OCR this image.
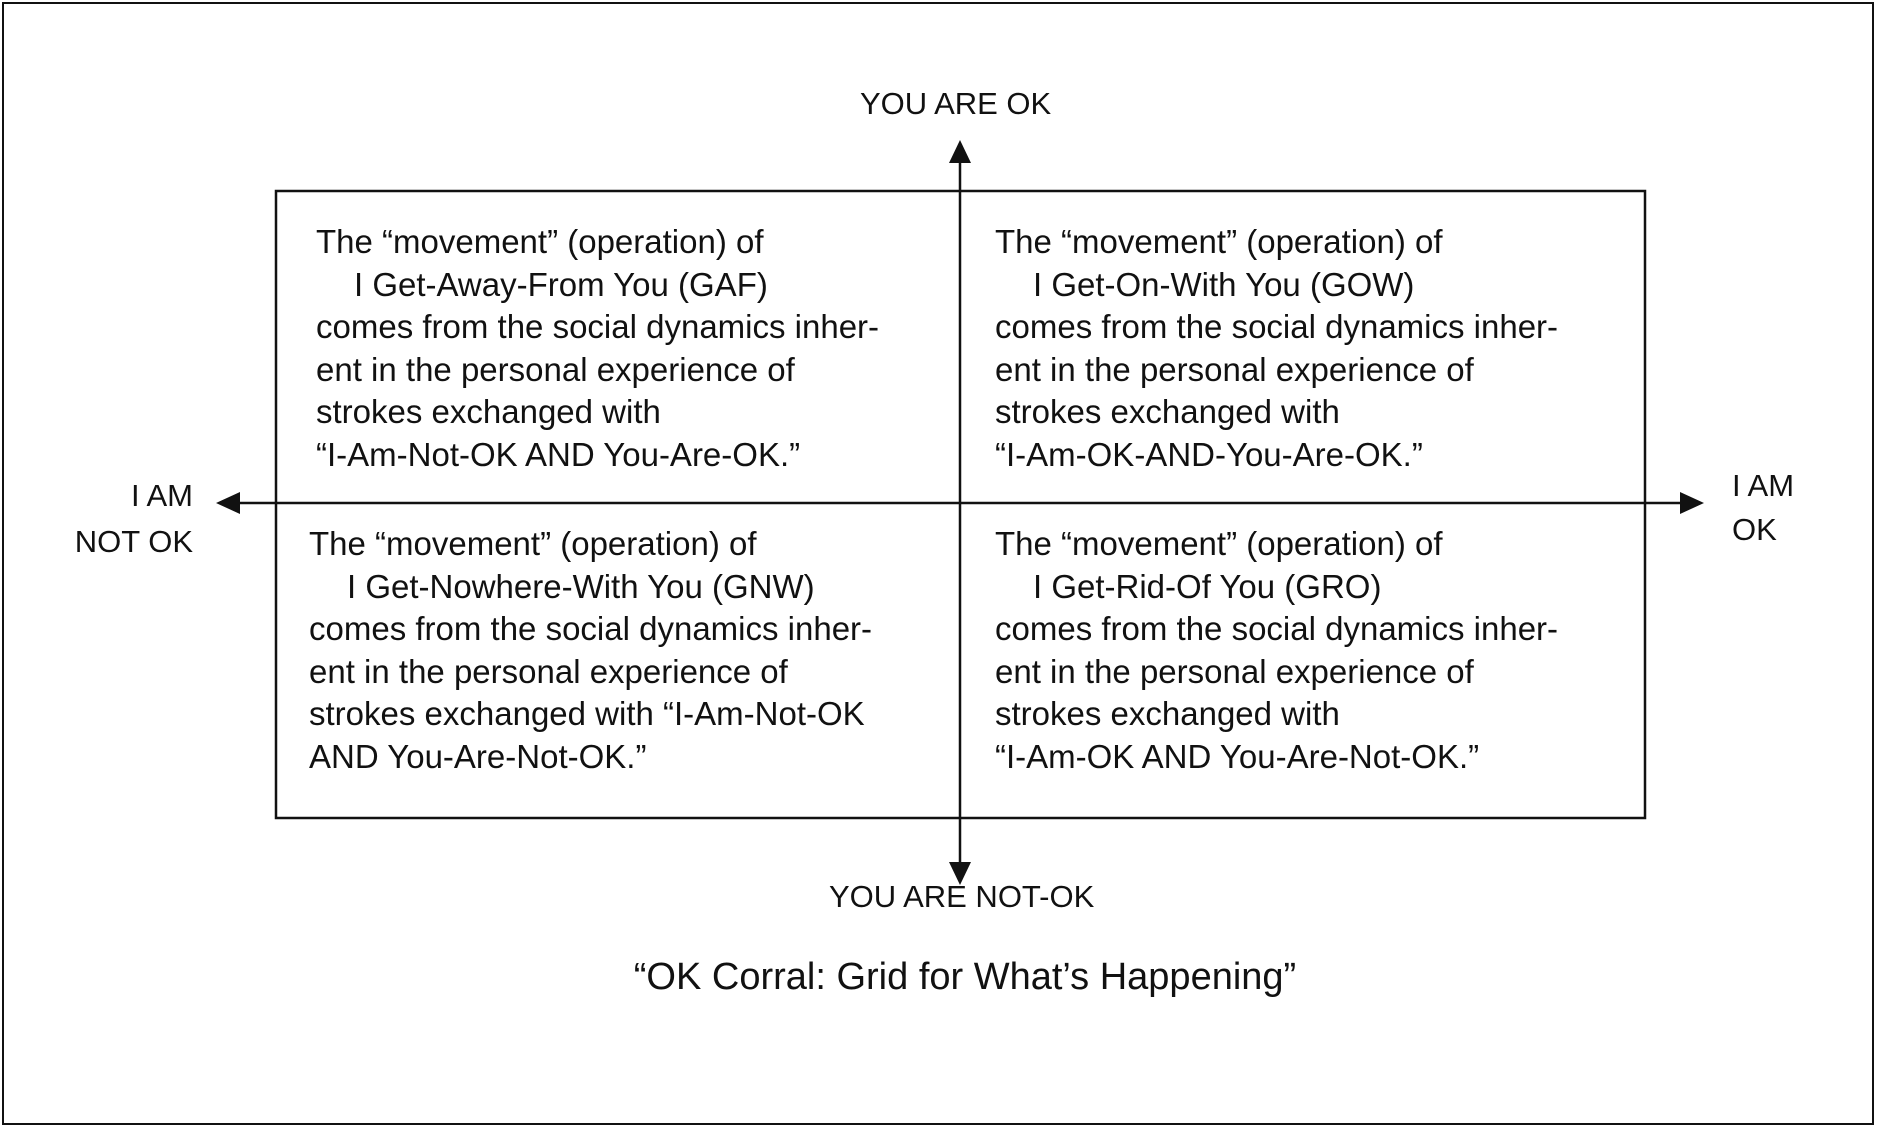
YOU ARE OK
YOU ARE NOT-OK
I AM
NOT OK
I AM
OK
The “movement” (operation) of
I Get-Away-From You (GAF)
comes from the social dynamics inher-
ent in the personal experience of
strokes exchanged with
“I-Am-Not-OK AND You-Are-OK.”
The “movement” (operation) of
I Get-On-With You (GOW)
comes from the social dynamics inher-
ent in the personal experience of
strokes exchanged with
“I-Am-OK-AND-You-Are-OK.”
The “movement” (operation) of
I Get-Nowhere-With You (GNW)
comes from the social dynamics inher-
ent in the personal experience of
strokes exchanged with “I-Am-Not-OK
AND You-Are-Not-OK.”
The “movement” (operation) of
I Get-Rid-Of You (GRO)
comes from the social dynamics inher-
ent in the personal experience of
strokes exchanged with
“I-Am-OK AND You-Are-Not-OK.”
“OK Corral: Grid for What’s Happening”
